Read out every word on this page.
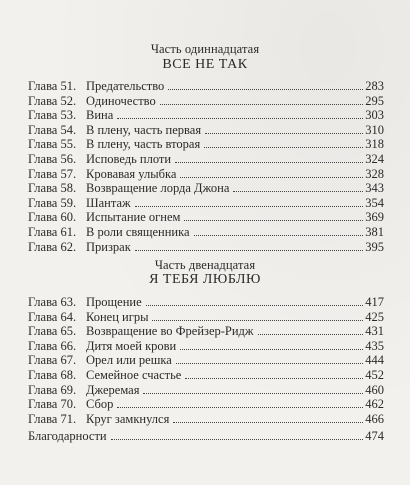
Часть одиннадцатая
ВСЕ НЕ ТАК
Глава 51. Предательство	283
Глава 52. Одиночество	295
Глава 53. Вина	303
Глава 54. В плену, часть первая	310
Глава 55. В плену, часть вторая	318
Глава 56. Исповедь плоти	324
Глава 57. Кровавая улыбка	328
Глава 58. Возвращение лорда Джона	343
Глава 59. Шантаж	354
Глава 60. Испытание огнем	369
Глава 61. В роли священника	381
Глава 62. Призрак	395
Часть двенадцатая
Я ТЕБЯ ЛЮБЛЮ
Глава 63. Прощение	417
Глава 64. Конец игры	425
Глава 65. Возвращение во Фрейзер-Ридж	431
Глава 66. Дитя моей крови	435
Глава 67. Орел или решка	444
Глава 68. Семейное счастье	452
Глава 69. Джеремая	460
Глава 70. Сбор	462
Глава 71. Круг замкнулся	466
Благодарности	474
